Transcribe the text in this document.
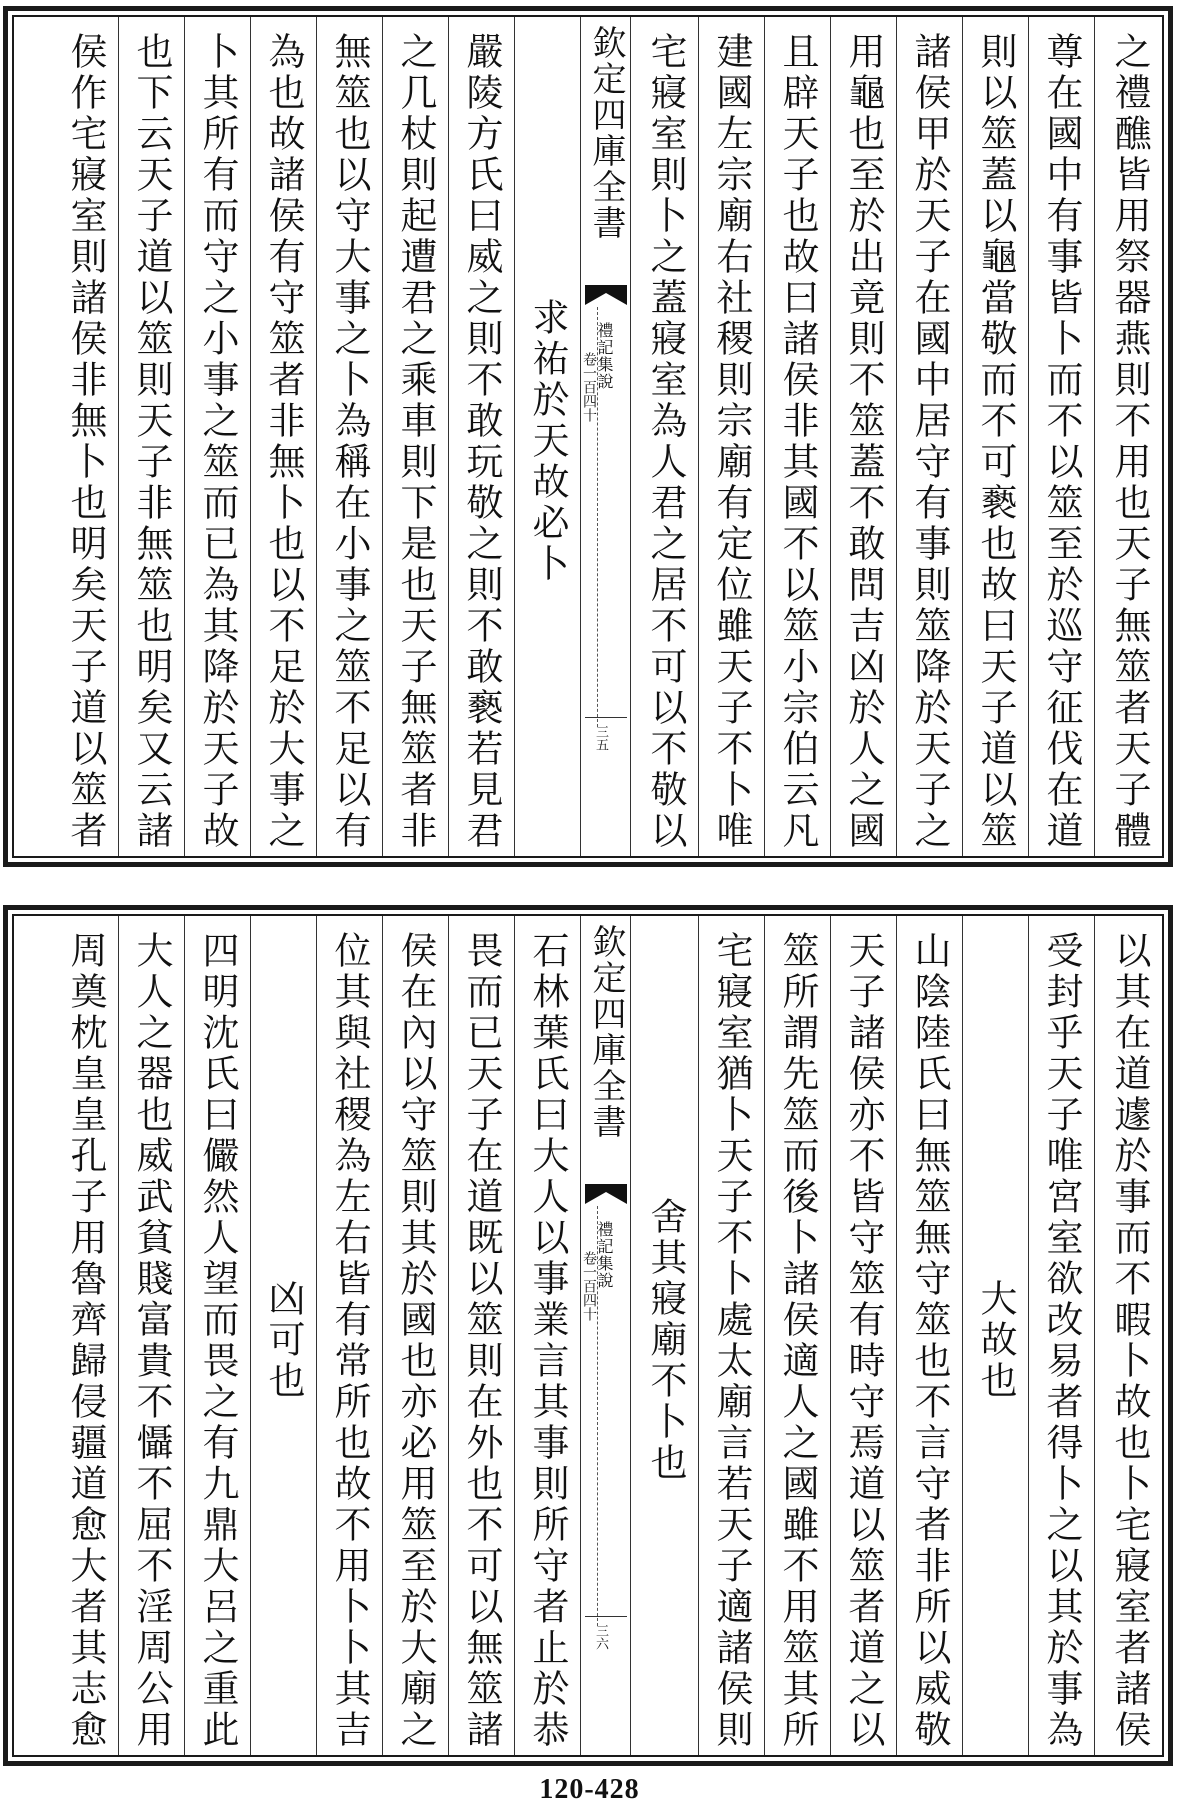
之禮醮皆用祭器燕則不用也天子無筮者天子體
尊在國中有事皆卜而不以筮至於巡守征伐在道
則以筮蓋以龜當敬而不可褻也故曰天子道以筮
諸侯甲於天子在國中居守有事則筮降於天子之
用龜也至於出竟則不筮蓋不敢問吉凶於人之國
且辟天子也故曰諸侯非其國不以筮小宗伯云凡
建國左宗廟右社稷則宗廟有定位雖天子不卜唯
宅寢室則卜之蓋寢室為人君之居不可以不敬以
欽定四庫全書
禮記集說
卷一百四十
三五
求祐於天故必卜
嚴陵方氏曰威之則不敢玩敬之則不敢褻若見君
之几杖則起遭君之乘車則下是也天子無筮者非
無筮也以守大事之卜為稱在小事之筮不足以有
為也故諸侯有守筮者非無卜也以不足於大事之
卜其所有而守之小事之筮而已為其降於天子故
也下云天子道以筮則天子非無筮也明矣又云諸
侯作宅寢室則諸侯非無卜也明矣天子道以筮者
以其在道遽於事而不暇卜故也卜宅寢室者諸侯
受封乎天子唯宮室欲改易者得卜之以其於事為
大故也
山陰陸氏曰無筮無守筮也不言守者非所以威敬
天子諸侯亦不皆守筮有時守焉道以筮者道之以
筮所謂先筮而後卜諸侯適人之國雖不用筮其所
宅寢室猶卜天子不卜處太廟言若天子適諸侯則
舍其寢廟不卜也
欽定四庫全書
禮記集說
卷一百四十
三六
石林葉氏曰大人以事業言其事則所守者止於恭
畏而已天子在道既以筮則在外也不可以無筮諸
侯在內以守筮則其於國也亦必用筮至於大廟之
位其與社稷為左右皆有常所也故不用卜卜其吉
凶可也
四明沈氏曰儼然人望而畏之有九鼎大呂之重此
大人之器也威武貧賤富貴不懾不屈不淫周公用
周奠枕皇皇孔子用魯齊歸侵疆道愈大者其志愈
120-428
